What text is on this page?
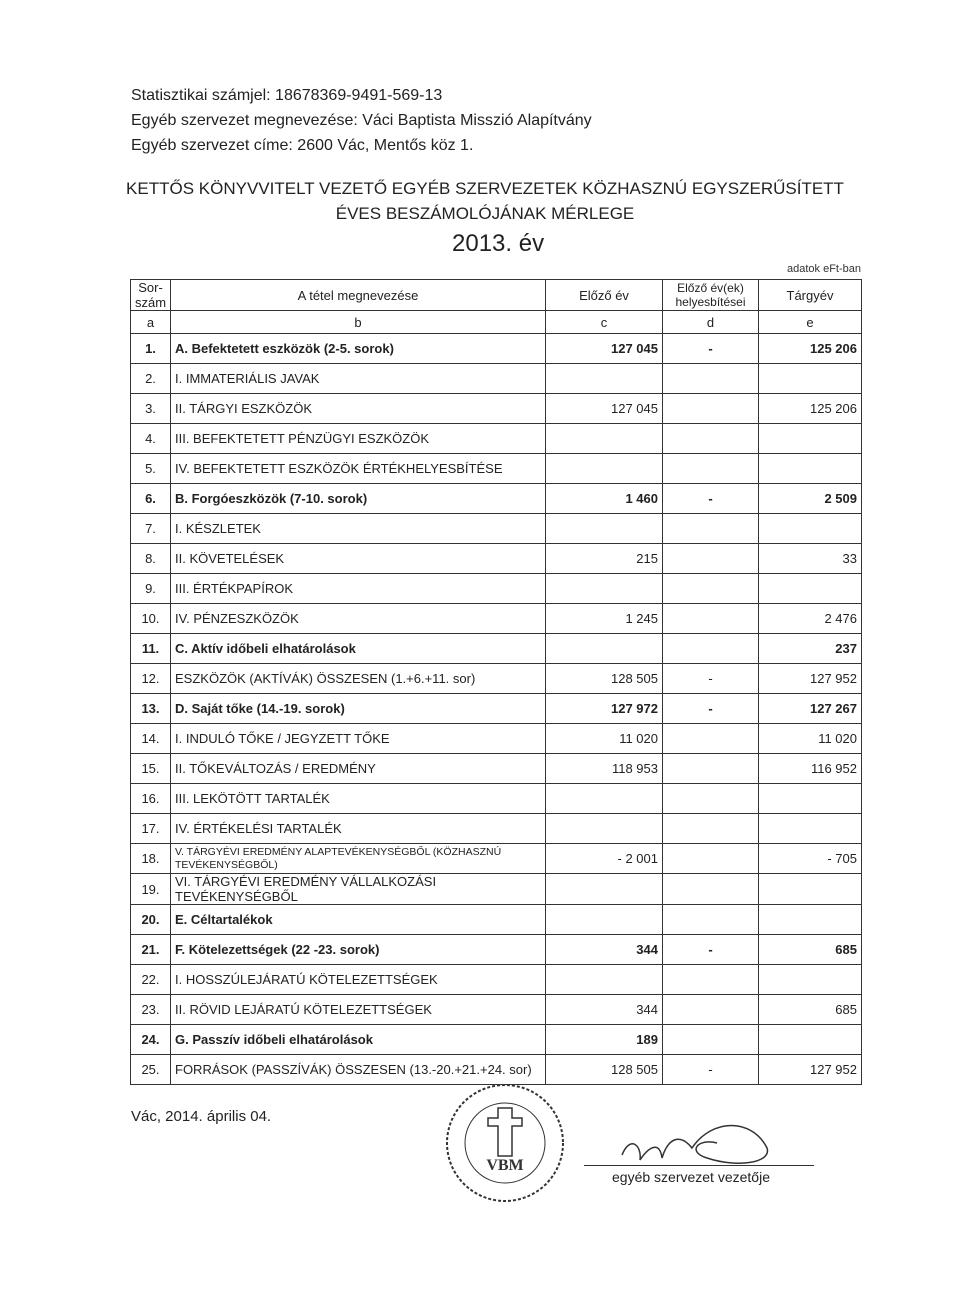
Statisztikai számjel: 18678369-9491-569-13
Egyéb szervezet megnevezése: Váci Baptista Misszió Alapítvány
Egyéb szervezet címe: 2600 Vác, Mentős köz 1.
KETTŐS KÖNYVVITELT VEZETŐ EGYÉB SZERVEZETEK KÖZHASZNÚ EGYSZERŰSÍTETT
ÉVES BESZÁMOLÓJÁNAK MÉRLEGE
2013. év
adatok eFt-ban
Sor-szám	A tétel megnevezése	Előző év	Előző év(ek) helyesbítései	Tárgyév
a	b	c	d	e
1.	A. Befektetett eszközök (2-5. sorok)	127 045	-	125 206
2.	I. IMMATERIÁLIS JAVAK			
3.	II. TÁRGYI ESZKÖZÖK	127 045		125 206
4.	III. BEFEKTETETT PÉNZÜGYI ESZKÖZÖK			
5.	IV. BEFEKTETETT ESZKÖZÖK ÉRTÉKHELYESBÍTÉSE			
6.	B. Forgóeszközök (7-10. sorok)	1 460	-	2 509
7.	I. KÉSZLETEK			
8.	II. KÖVETELÉSEK	215		33
9.	III. ÉRTÉKPAPÍROK			
10.	IV. PÉNZESZKÖZÖK	1 245		2 476
11.	C. Aktív időbeli elhatárolások			237
12.	ESZKÖZÖK (AKTÍVÁK) ÖSSZESEN (1.+6.+11. sor)	128 505	-	127 952
13.	D. Saját tőke (14.-19. sorok)	127 972	-	127 267
14.	I. INDULÓ TŐKE / JEGYZETT TŐKE	11 020		11 020
15.	II. TŐKEVÁLTOZÁS / EREDMÉNY	118 953		116 952
16.	III. LEKÖTÖTT TARTALÉK			
17.	IV. ÉRTÉKELÉSI TARTALÉK			
18.	V. TÁRGYÉVI EREDMÉNY ALAPTEVÉKENYSÉGBŐL (KÖZHASZNÚ TEVÉKENYSÉGBŐL)	- 2 001		- 705
19.	VI. TÁRGYÉVI EREDMÉNY VÁLLALKOZÁSI TEVÉKENYSÉGBŐL			
20.	E. Céltartalékok			
21.	F. Kötelezettségek (22 -23. sorok)	344	-	685
22.	I. HOSSZÚLEJÁRATÚ KÖTELEZETTSÉGEK			
23.	II. RÖVID LEJÁRATÚ KÖTELEZETTSÉGEK	344		685
24.	G. Passzív időbeli elhatárolások	189		
25.	FORRÁSOK (PASSZÍVÁK) ÖSSZESEN (13.-20.+21.+24. sor)	128 505	-	127 952
Vác, 2014. április 04.
VBM
egyéb szervezet vezetője
